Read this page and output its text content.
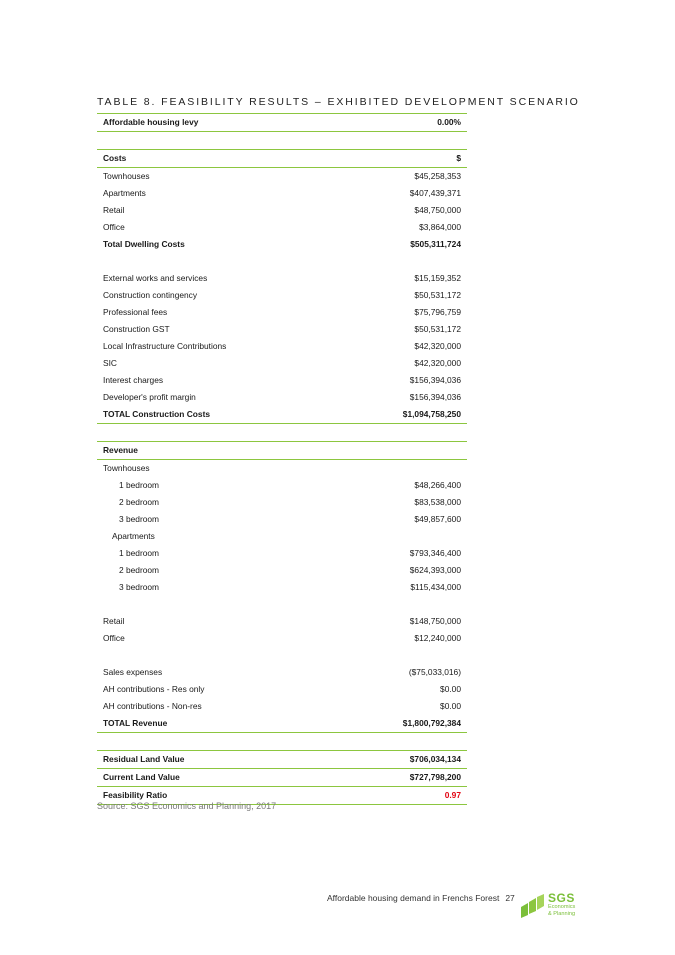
TABLE 8. FEASIBILITY RESULTS – EXHIBITED DEVELOPMENT SCENARIO
Affordable housing levy	0.00%
Costs	$
Townhouses	$45,258,353
Apartments	$407,439,371
Retail	$48,750,000
Office	$3,864,000
Total Dwelling Costs	$505,311,724
External works and services	$15,159,352
Construction contingency	$50,531,172
Professional fees	$75,796,759
Construction GST	$50,531,172
Local Infrastructure Contributions	$42,320,000
SIC	$42,320,000
Interest charges	$156,394,036
Developer's profit margin	$156,394,036
TOTAL Construction Costs	$1,094,758,250
Revenue
Townhouses
1 bedroom	$48,266,400
2 bedroom	$83,538,000
3 bedroom	$49,857,600
Apartments
1 bedroom	$793,346,400
2 bedroom	$624,393,000
3 bedroom	$115,434,000
Retail	$148,750,000
Office	$12,240,000
Sales expenses	($75,033,016)
AH contributions - Res only	$0.00
AH contributions - Non-res	$0.00
TOTAL Revenue	$1,800,792,384
Residual Land Value	$706,034,134
Current Land Value	$727,798,200
Feasibility Ratio	0.97
Source: SGS Economics and Planning, 2017
Affordable housing demand in Frenchs Forest 27	SGS
Economics
& Planning
